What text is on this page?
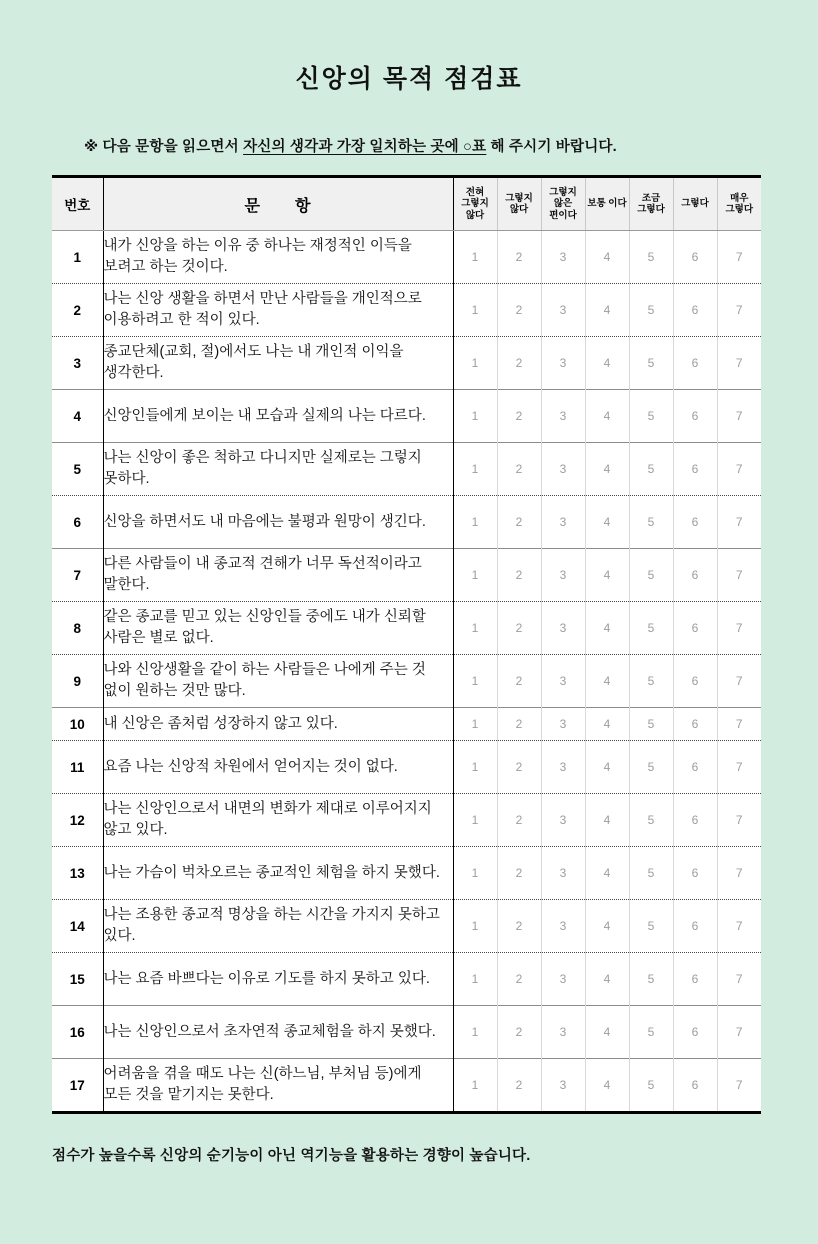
신앙의 목적 점검표

※ 다음 문항을 읽으면서 자신의 생각과 가장 일치하는 곳에 ○표 해 주시기 바랍니다.

번호	문 항	전혀 그렇지 않다	그렇지 않다	그렇지 않은 편이다	보통 이다	조금 그렇다	그렇다	매우 그렇다
1	내가 신앙을 하는 이유 중 하나는 재정적인 이득을 보려고 하는 것이다.	1	2	3	4	5	6	7
2	나는 신앙 생활을 하면서 만난 사람들을 개인적으로 이용하려고 한 적이 있다.	1	2	3	4	5	6	7
3	종교단체(교회, 절)에서도 나는 내 개인적 이익을 생각한다.	1	2	3	4	5	6	7
4	신앙인들에게 보이는 내 모습과 실제의 나는 다르다.	1	2	3	4	5	6	7
5	나는 신앙이 좋은 척하고 다니지만 실제로는 그렇지 못하다.	1	2	3	4	5	6	7
6	신앙을 하면서도 내 마음에는 불평과 원망이 생긴다.	1	2	3	4	5	6	7
7	다른 사람들이 내 종교적 견해가 너무 독선적이라고 말한다.	1	2	3	4	5	6	7
8	같은 종교를 믿고 있는 신앙인들 중에도 내가 신뢰할 사람은 별로 없다.	1	2	3	4	5	6	7
9	나와 신앙생활을 같이 하는 사람들은 나에게 주는 것 없이 원하는 것만 많다.	1	2	3	4	5	6	7
10	내 신앙은 좀처럼 성장하지 않고 있다.	1	2	3	4	5	6	7
11	요즘 나는 신앙적 차원에서 얻어지는 것이 없다.	1	2	3	4	5	6	7
12	나는 신앙인으로서 내면의 변화가 제대로 이루어지지 않고 있다.	1	2	3	4	5	6	7
13	나는 가슴이 벅차오르는 종교적인 체험을 하지 못했다.	1	2	3	4	5	6	7
14	나는 조용한 종교적 명상을 하는 시간을 가지지 못하고 있다.	1	2	3	4	5	6	7
15	나는 요즘 바쁘다는 이유로 기도를 하지 못하고 있다.	1	2	3	4	5	6	7
16	나는 신앙인으로서 초자연적 종교체험을 하지 못했다.	1	2	3	4	5	6	7
17	어려움을 겪을 때도 나는 신(하느님, 부처님 등)에게 모든 것을 맡기지는 못한다.	1	2	3	4	5	6	7

점수가 높을수록 신앙의 순기능이 아닌 역기능을 활용하는 경향이 높습니다.
